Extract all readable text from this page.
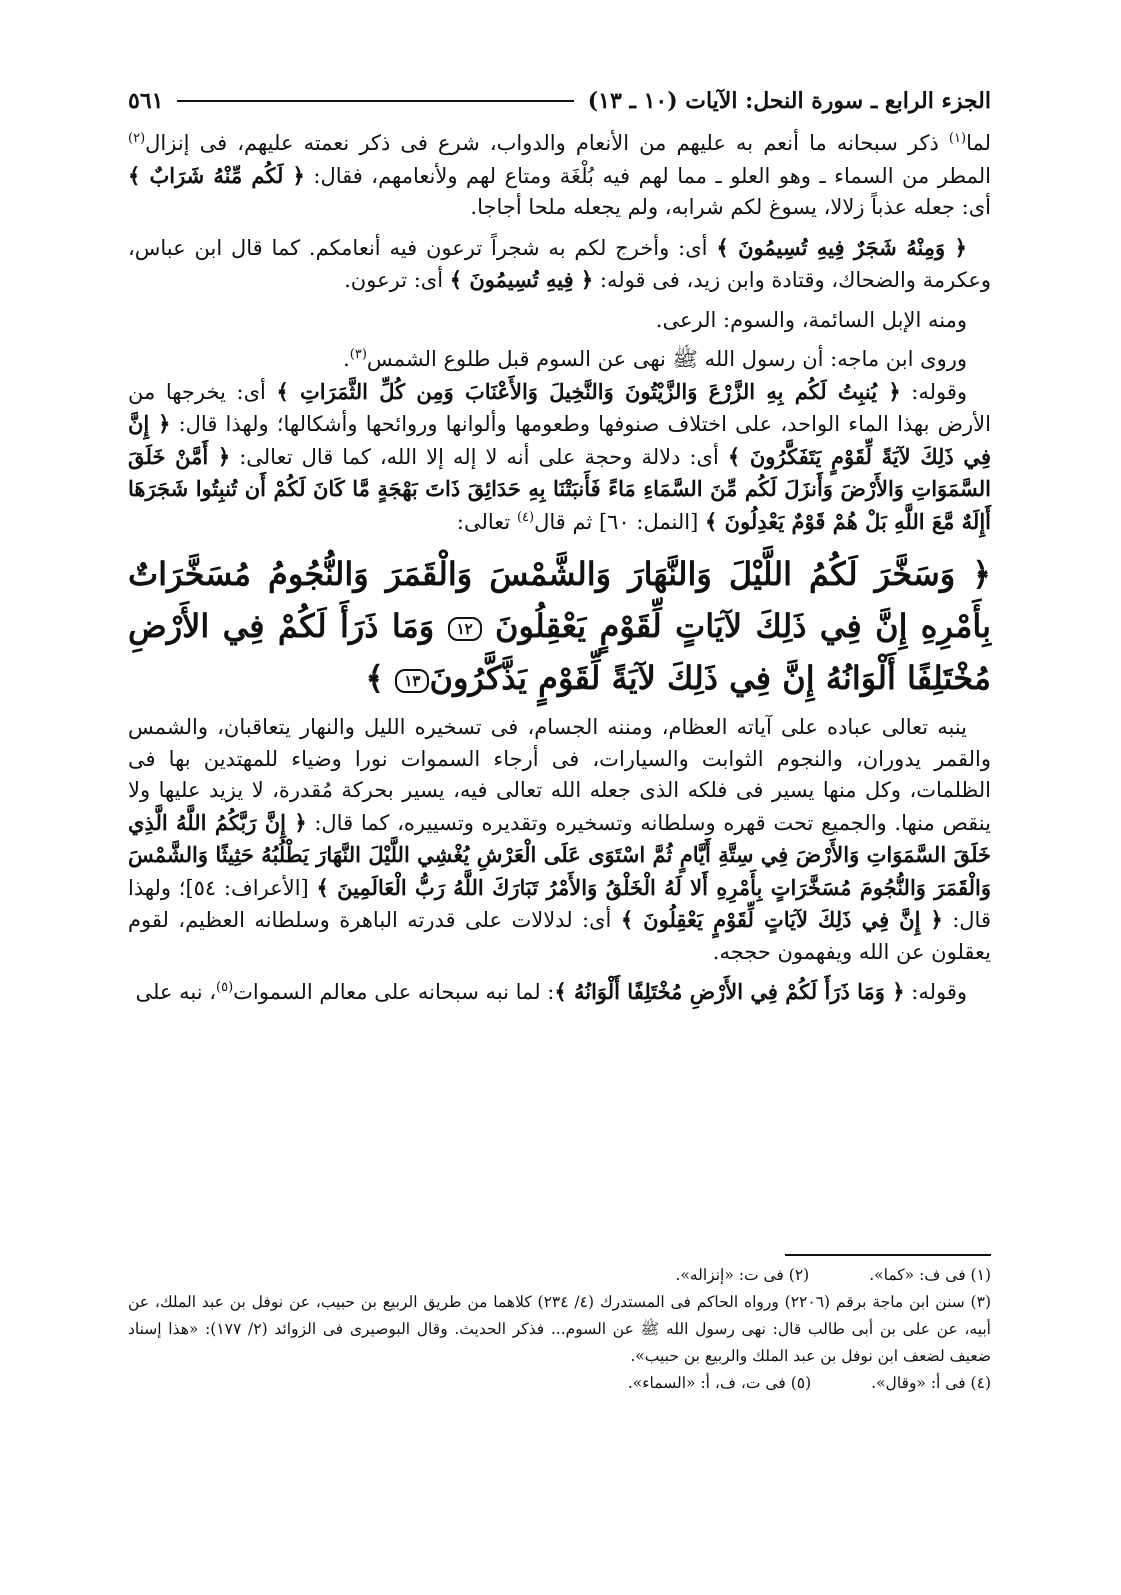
الجزء الرابع ـ سورة النحل: الآيات (١٠ ـ ١٣)
٥٦١

لما$^{(١)}$ ذكر سبحانه ما أنعم به عليهم من الأنعام والدواب، شرع فى ذكر نعمته عليهم، فى إنزال$^{(٢)}$ المطر من السماء ـ وهو العلو ـ مما لهم فيه بُلْغَة ومتاع لهم ولأنعامهم، فقال: ﴿ لَكُم مِّنْهُ شَرَابٌ ﴾ أى: جعله عذباً زلالا، يسوغ لكم شرابه، ولم يجعله ملحا أجاجا.

﴿ وَمِنْهُ شَجَرٌ فِيهِ تُسِيمُونَ ﴾ أى: وأخرج لكم به شجراً ترعون فيه أنعامكم. كما قال ابن عباس، وعكرمة والضحاك، وقتادة وابن زيد، فى قوله: ﴿ فِيهِ تُسِيمُونَ ﴾ أى: ترعون.

ومنه الإبل السائمة، والسوم: الرعى.

وروى ابن ماجه: أن رسول الله ﷺ نهى عن السوم قبل طلوع الشمس$^{(٣)}$.

وقوله: ﴿ يُنبِتُ لَكُم بِهِ الزَّرْعَ وَالزَّيْتُونَ وَالنَّخِيلَ وَالأَعْنَابَ وَمِن كُلِّ الثَّمَرَاتِ ﴾ أى: يخرجها من الأرض بهذا الماء الواحد، على اختلاف صنوفها وطعومها وألوانها وروائحها وأشكالها؛ ولهذا قال: ﴿ إِنَّ فِي ذَلِكَ لآيَةً لِّقَوْمٍ يَتَفَكَّرُونَ ﴾ أى: دلالة وحجة على أنه لا إله إلا الله، كما قال تعالى: ﴿ أَمَّنْ خَلَقَ السَّمَوَاتِ وَالأَرْضَ وَأَنزَلَ لَكُم مِّنَ السَّمَاءِ مَاءً فَأَنبَتْنَا بِهِ حَدَائِقَ ذَاتَ بَهْجَةٍ مَّا كَانَ لَكُمْ أَن تُنبِتُوا شَجَرَهَا أَإِلَهٌ مَّعَ اللَّهِ بَلْ هُمْ قَوْمٌ يَعْدِلُونَ ﴾ [النمل: ٦٠] ثم قال$^{(٤)}$ تعالى:

﴿ وَسَخَّرَ لَكُمُ اللَّيْلَ وَالنَّهَارَ وَالشَّمْسَ وَالْقَمَرَ وَالنُّجُومُ مُسَخَّرَاتٌ بِأَمْرِهِ إِنَّ فِي ذَلِكَ لآيَاتٍ لِّقَوْمٍ يَعْقِلُونَ ١٢ وَمَا ذَرَأَ لَكُمْ فِي الأَرْضِ مُخْتَلِفًا أَلْوَانُهُ إِنَّ فِي ذَلِكَ لآيَةً لِّقَوْمٍ يَذَّكَّرُونَ١٣ ﴾

ينبه تعالى عباده على آياته العظام، ومننه الجسام، فى تسخيره الليل والنهار يتعاقبان، والشمس والقمر يدوران، والنجوم الثوابت والسيارات، فى أرجاء السموات نورا وضياء للمهتدين بها فى الظلمات، وكل منها يسير فى فلكه الذى جعله الله تعالى فيه، يسير بحركة مُقدرة، لا يزيد عليها ولا ينقص منها. والجميع تحت قهره وسلطانه وتسخيره وتقديره وتسييره، كما قال: ﴿ إِنَّ رَبَّكُمُ اللَّهُ الَّذِي خَلَقَ السَّمَوَاتِ وَالأَرْضَ فِي سِتَّةِ أَيَّامٍ ثُمَّ اسْتَوَى عَلَى الْعَرْشِ يُغْشِي اللَّيْلَ النَّهَارَ يَطْلُبُهُ حَثِيثًا وَالشَّمْسَ وَالْقَمَرَ وَالنُّجُومَ مُسَخَّرَاتٍ بِأَمْرِهِ أَلا لَهُ الْخَلْقُ وَالأَمْرُ تَبَارَكَ اللَّهُ رَبُّ الْعَالَمِينَ ﴾ [الأعراف: ٥٤]؛ ولهذا قال: ﴿ إِنَّ فِي ذَلِكَ لآيَاتٍ لِّقَوْمٍ يَعْقِلُونَ ﴾ أى: لدلالات على قدرته الباهرة وسلطانه العظيم، لقوم يعقلون عن الله ويفهمون حججه.

وقوله: ﴿ وَمَا ذَرَأَ لَكُمْ فِي الأَرْضِ مُخْتَلِفًا أَلْوَانُهُ ﴾: لما نبه سبحانه على معالم السموات$^{(٥)}$، نبه على

(١) فى ف: «كما».
(٢) فى ت: «إنزاله».

(٣) سنن ابن ماجة برقم (٢٢٠٦) ورواه الحاكم فى المستدرك (٤/ ٢٣٤) كلاهما من طريق الربيع بن حبيب، عن نوفل بن عبد الملك، عن أبيه، عن على بن أبى طالب قال: نهى رسول الله ﷺ عن السوم... فذكر الحديث. وقال البوصيرى فى الزوائد (٢/ ١٧٧): «هذا إسناد ضعيف لضعف ابن نوفل بن عبد الملك والربيع بن حبيب».

(٤) فى أ: «وقال».
(٥) فى ت، ف، أ: «السماء».
